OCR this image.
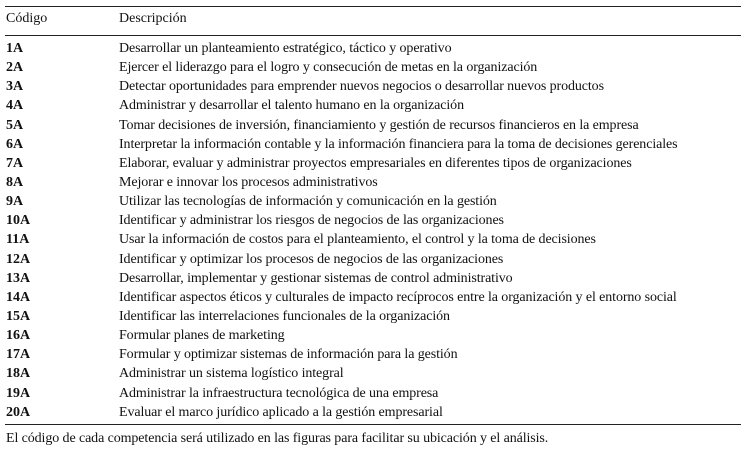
Código	Descripción
1A	Desarrollar un planteamiento estratégico, táctico y operativo
2A	Ejercer el liderazgo para el logro y consecución de metas en la organización
3A	Detectar oportunidades para emprender nuevos negocios o desarrollar nuevos productos
4A	Administrar y desarrollar el talento humano en la organización
5A	Tomar decisiones de inversión, financiamiento y gestión de recursos financieros en la empresa
6A	Interpretar la información contable y la información financiera para la toma de decisiones gerenciales
7A	Elaborar, evaluar y administrar proyectos empresariales en diferentes tipos de organizaciones
8A	Mejorar e innovar los procesos administrativos
9A	Utilizar las tecnologías de información y comunicación en la gestión
10A	Identificar y administrar los riesgos de negocios de las organizaciones
11A	Usar la información de costos para el planteamiento, el control y la toma de decisiones
12A	Identificar y optimizar los procesos de negocios de las organizaciones
13A	Desarrollar, implementar y gestionar sistemas de control administrativo
14A	Identificar aspectos éticos y culturales de impacto recíprocos entre la organización y el entorno social
15A	Identificar las interrelaciones funcionales de la organización
16A	Formular planes de marketing
17A	Formular y optimizar sistemas de información para la gestión
18A	Administrar un sistema logístico integral
19A	Administrar la infraestructura tecnológica de una empresa
20A	Evaluar el marco jurídico aplicado a la gestión empresarial
El código de cada competencia será utilizado en las figuras para facilitar su ubicación y el análisis.
